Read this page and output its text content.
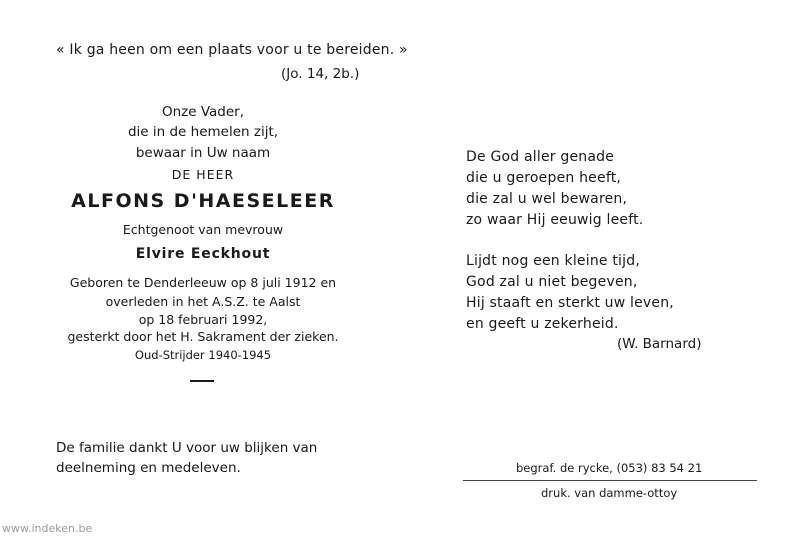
« Ik ga heen om een plaats voor u te bereiden. »
(Jo. 14, 2b.)
Onze Vader,
die in de hemelen zijt,
bewaar in Uw naam
DE HEER
ALFONS D'HAESELEER
Echtgenoot van mevrouw
Elvire Eeckhout
Geboren te Denderleeuw op 8 juli 1912 en
overleden in het A.S.Z. te Aalst
op 18 februari 1992,
gesterkt door het H. Sakrament der zieken.
Oud-Strijder 1940-1945
De familie dankt U voor uw blijken van
deelneming en medeleven.
De God aller genade
die u geroepen heeft,
die zal u wel bewaren,
zo waar Hij eeuwig leeft.
Lijdt nog een kleine tijd,
God zal u niet begeven,
Hij staaft en sterkt uw leven,
en geeft u zekerheid.
(W. Barnard)
begraf. de rycke, (053) 83 54 21
druk. van damme-ottoy
www.indeken.be
